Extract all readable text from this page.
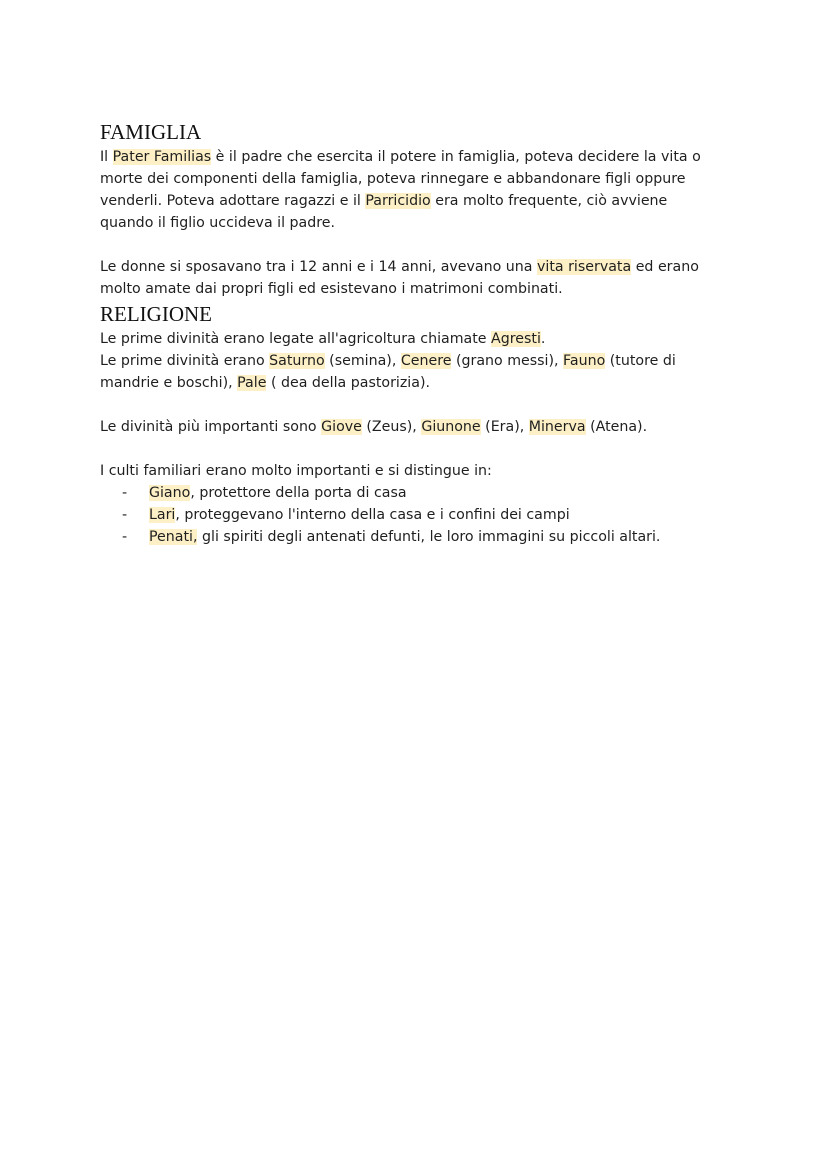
FAMIGLIA

Il Pater Familias è il padre che esercita il potere in famiglia, poteva decidere la vita o morte dei componenti della famiglia, poteva rinnegare e abbandonare figli oppure venderli. Poteva adottare ragazzi e il Parricidio era molto frequente, ciò avviene quando il figlio uccideva il padre.

Le donne si sposavano tra i 12 anni e i 14 anni, avevano una vita riservata ed erano molto amate dai propri figli ed esistevano i matrimoni combinati.

RELIGIONE

Le prime divinità erano legate all'agricoltura chiamate Agresti.

Le prime divinità erano Saturno (semina), Cenere (grano messi), Fauno (tutore di mandrie e boschi), Pale ( dea della pastorizia).

Le divinità più importanti sono Giove (Zeus), Giunone (Era), Minerva (Atena).

I culti familiari erano molto importanti e si distingue in:

- Giano, protettore della porta di casa
- Lari, proteggevano l'interno della casa e i confini dei campi
- Penati, gli spiriti degli antenati defunti, le loro immagini su piccoli altari.
